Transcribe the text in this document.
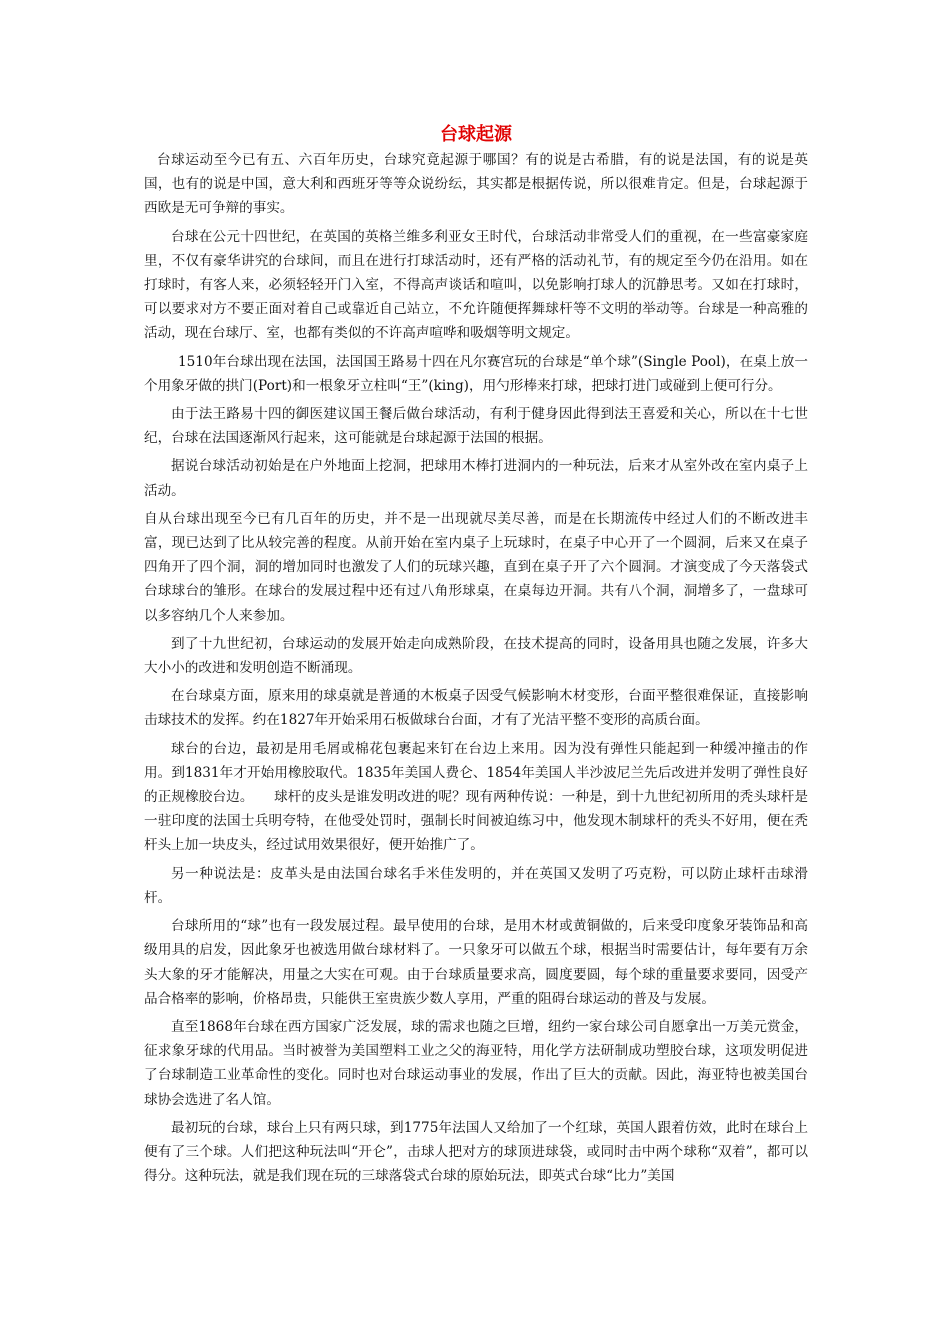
台球起源

台球运动至今已有五、六百年历史，台球究竟起源于哪国？有的说是古希腊，有的说是法国，有的说是英国，也有的说是中国，意大利和西班牙等等众说纷纭，其实都是根据传说，所以很难肯定。但是，台球起源于西欧是无可争辩的事实。

台球在公元十四世纪，在英国的英格兰维多利亚女王时代，台球活动非常受人们的重视，在一些富豪家庭里，不仅有豪华讲究的台球间，而且在进行打球活动时，还有严格的活动礼节，有的规定至今仍在沿用。如在打球时，有客人来，必须轻轻开门入室，不得高声谈话和喧叫，以免影响打球人的沉静思考。又如在打球时，可以要求对方不要正面对着自己或靠近自己站立，不允许随便挥舞球杆等不文明的举动等。台球是一种高雅的活动，现在台球厅、室，也都有类似的不许高声喧哗和吸烟等明文规定。

1510年台球出现在法国，法国国王路易十四在凡尔赛宫玩的台球是“单个球”(Single Pool)，在桌上放一个用象牙做的拱门(Port)和一根象牙立柱叫“王”(king)，用勺形棒来打球，把球打进门或碰到上便可行分。

由于法王路易十四的御医建议国王餐后做台球活动，有利于健身因此得到法王喜爱和关心，所以在十七世纪，台球在法国逐渐风行起来，这可能就是台球起源于法国的根据。

据说台球活动初始是在户外地面上挖洞，把球用木棒打进洞内的一种玩法，后来才从室外改在室内桌子上活动。

自从台球出现至今已有几百年的历史，并不是一出现就尽美尽善，而是在长期流传中经过人们的不断改进丰富，现已达到了比从较完善的程度。从前开始在室内桌子上玩球时，在桌子中心开了一个圆洞，后来又在桌子四角开了四个洞，洞的增加同时也激发了人们的玩球兴趣，直到在桌子开了六个圆洞。才演变成了今天落袋式台球球台的雏形。在球台的发展过程中还有过八角形球桌，在桌每边开洞。共有八个洞，洞增多了，一盘球可以多容纳几个人来参加。

到了十九世纪初，台球运动的发展开始走向成熟阶段，在技术提高的同时，设备用具也随之发展，许多大大小小的改进和发明创造不断涌现。

在台球桌方面，原来用的球桌就是普通的木板桌子因受气候影响木材变形，台面平整很难保证，直接影响击球技术的发挥。约在1827年开始采用石板做球台台面，才有了光洁平整不变形的高质台面。

球台的台边，最初是用毛屑或棉花包裹起来钉在台边上来用。因为没有弹性只能起到一种缓冲撞击的作用。到1831年才开始用橡胶取代。1835年美国人费仑、1854年美国人半沙波尼兰先后改进并发明了弹性良好的正规橡胶台边。　　球杆的皮头是谁发明改进的呢？现有两种传说：一种是，到十九世纪初所用的秃头球杆是一驻印度的法国士兵明夸特，在他受处罚时，强制长时间被迫练习中，他发现木制球杆的秃头不好用，便在秃杆头上加一块皮头，经过试用效果很好，便开始推广了。

另一种说法是：皮革头是由法国台球名手米佳发明的，并在英国又发明了巧克粉，可以防止球杆击球滑杆。

台球所用的“球”也有一段发展过程。最早使用的台球，是用木材或黄铜做的，后来受印度象牙装饰品和高级用具的启发，因此象牙也被选用做台球材料了。一只象牙可以做五个球，根据当时需要估计，每年要有万余头大象的牙才能解决，用量之大实在可观。由于台球质量要求高，圆度要圆，每个球的重量要求要同，因受产品合格率的影响，价格昂贵，只能供王室贵族少数人享用，严重的阻碍台球运动的普及与发展。

直至1868年台球在西方国家广泛发展，球的需求也随之巨增，纽约一家台球公司自愿拿出一万美元赏金，征求象牙球的代用品。当时被誉为美国塑料工业之父的海亚特，用化学方法研制成功塑胶台球，这项发明促进了台球制造工业革命性的变化。同时也对台球运动事业的发展，作出了巨大的贡献。因此，海亚特也被美国台球协会选进了名人馆。

最初玩的台球，球台上只有两只球，到1775年法国人又给加了一个红球，英国人跟着仿效，此时在球台上便有了三个球。人们把这种玩法叫“开仑”，击球人把对方的球顶进球袋，或同时击中两个球称“双着”，都可以得分。这种玩法，就是我们现在玩的三球落袋式台球的原始玩法，即英式台球“比力”美国
